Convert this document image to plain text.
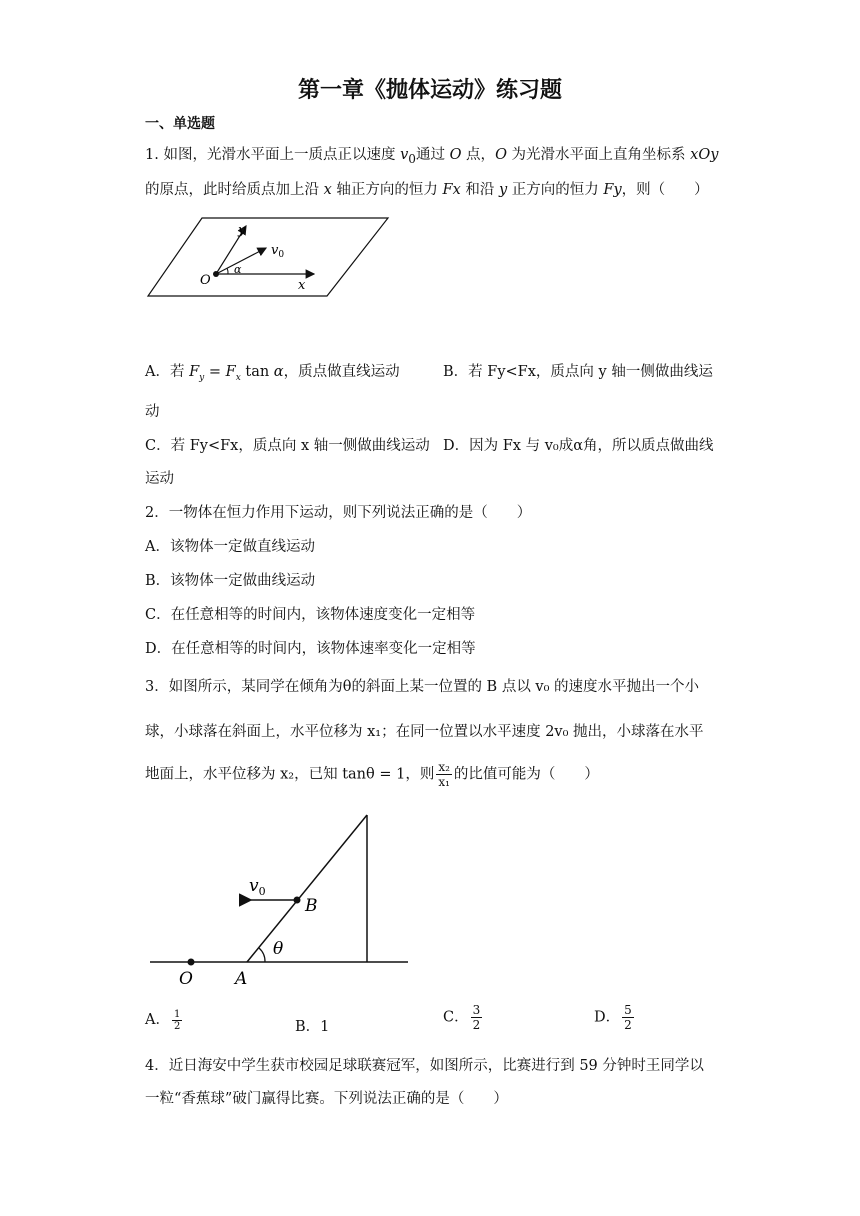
第一章《抛体运动》练习题
一、单选题
1. 如图，光滑水平面上一质点正以速度 $v_0$通过 O 点，O 为光滑水平面上直角坐标系 xOy
的原点，此时给质点加上沿 x 轴正方向的恒力 Fx 和沿 y 正方向的恒力 Fy，则（　　）
y
$v_0$
O
α
x
A．若 $F_y = F_x$ tan α，质点做直线运动	B．若 Fy<Fx，质点向 y 轴一侧做曲线运
动
C．若 Fy<Fx，质点向 x 轴一侧做曲线运动 D．因为 Fx 与 v₀成α角，所以质点做曲线
运动
2．一物体在恒力作用下运动，则下列说法正确的是（　　）
A．该物体一定做直线运动
B．该物体一定做曲线运动
C．在任意相等的时间内，该物体速度变化一定相等
D．在任意相等的时间内，该物体速率变化一定相等
3．如图所示，某同学在倾角为θ的斜面上某一位置的 B 点以 v₀ 的速度水平抛出一个小
球，小球落在斜面上，水平位移为 x₁；在同一位置以水平速度 2v₀ 抛出，小球落在水平
地面上，水平位移为 x₂，已知 tanθ = 1，则 $\frac{\text{x₂}}{\text{x₁}}$ 的比值可能为（　　）
$v_0$
B
θ
O A
A． $\frac{1}{2}$	B．1
C． $\frac{3}{2}$	D． $\frac{5}{2}$
4．近日海安中学生获市校园足球联赛冠军，如图所示，比赛进行到 59 分钟时王同学以
一粒“香蕉球”破门赢得比赛。下列说法正确的是（　　）
